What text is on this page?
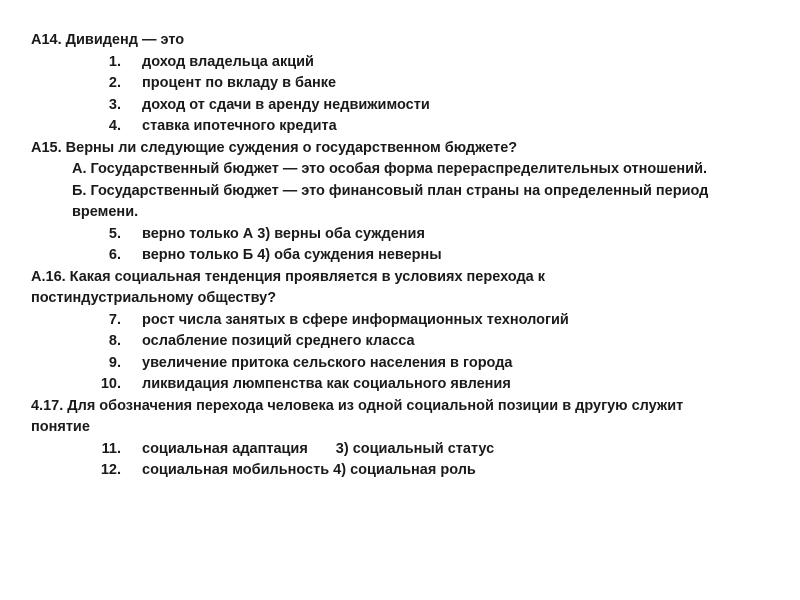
А14. Дивиденд — это
1. доход владельца акций
2. процент по вкладу в банке
3. доход от сдачи в аренду недвижимости
4. ставка ипотечного кредита
А15. Верны ли следующие суждения о государственном бюджете?
А. Государственный бюджет — это особая форма перераспределительных отношений.
Б. Государственный бюджет — это финансовый план страны на определенный период
времени.
5. верно только А 3) верны оба суждения
6. верно только Б 4) оба суждения неверны
А.16. Какая социальная тенденция проявляется в условиях перехода к
постиндустриальному обществу?
7. рост числа занятых в сфере информационных технологий
8. ослабление позиций среднего класса
9. увеличение притока сельского населения в города
10. ликвидация люмпенства как социального явления
4.17. Для обозначения перехода человека из одной социальной позиции в другую служит
понятие
11. социальная адаптация 3) социальный статус
12. социальная мобильность 4) социальная роль
